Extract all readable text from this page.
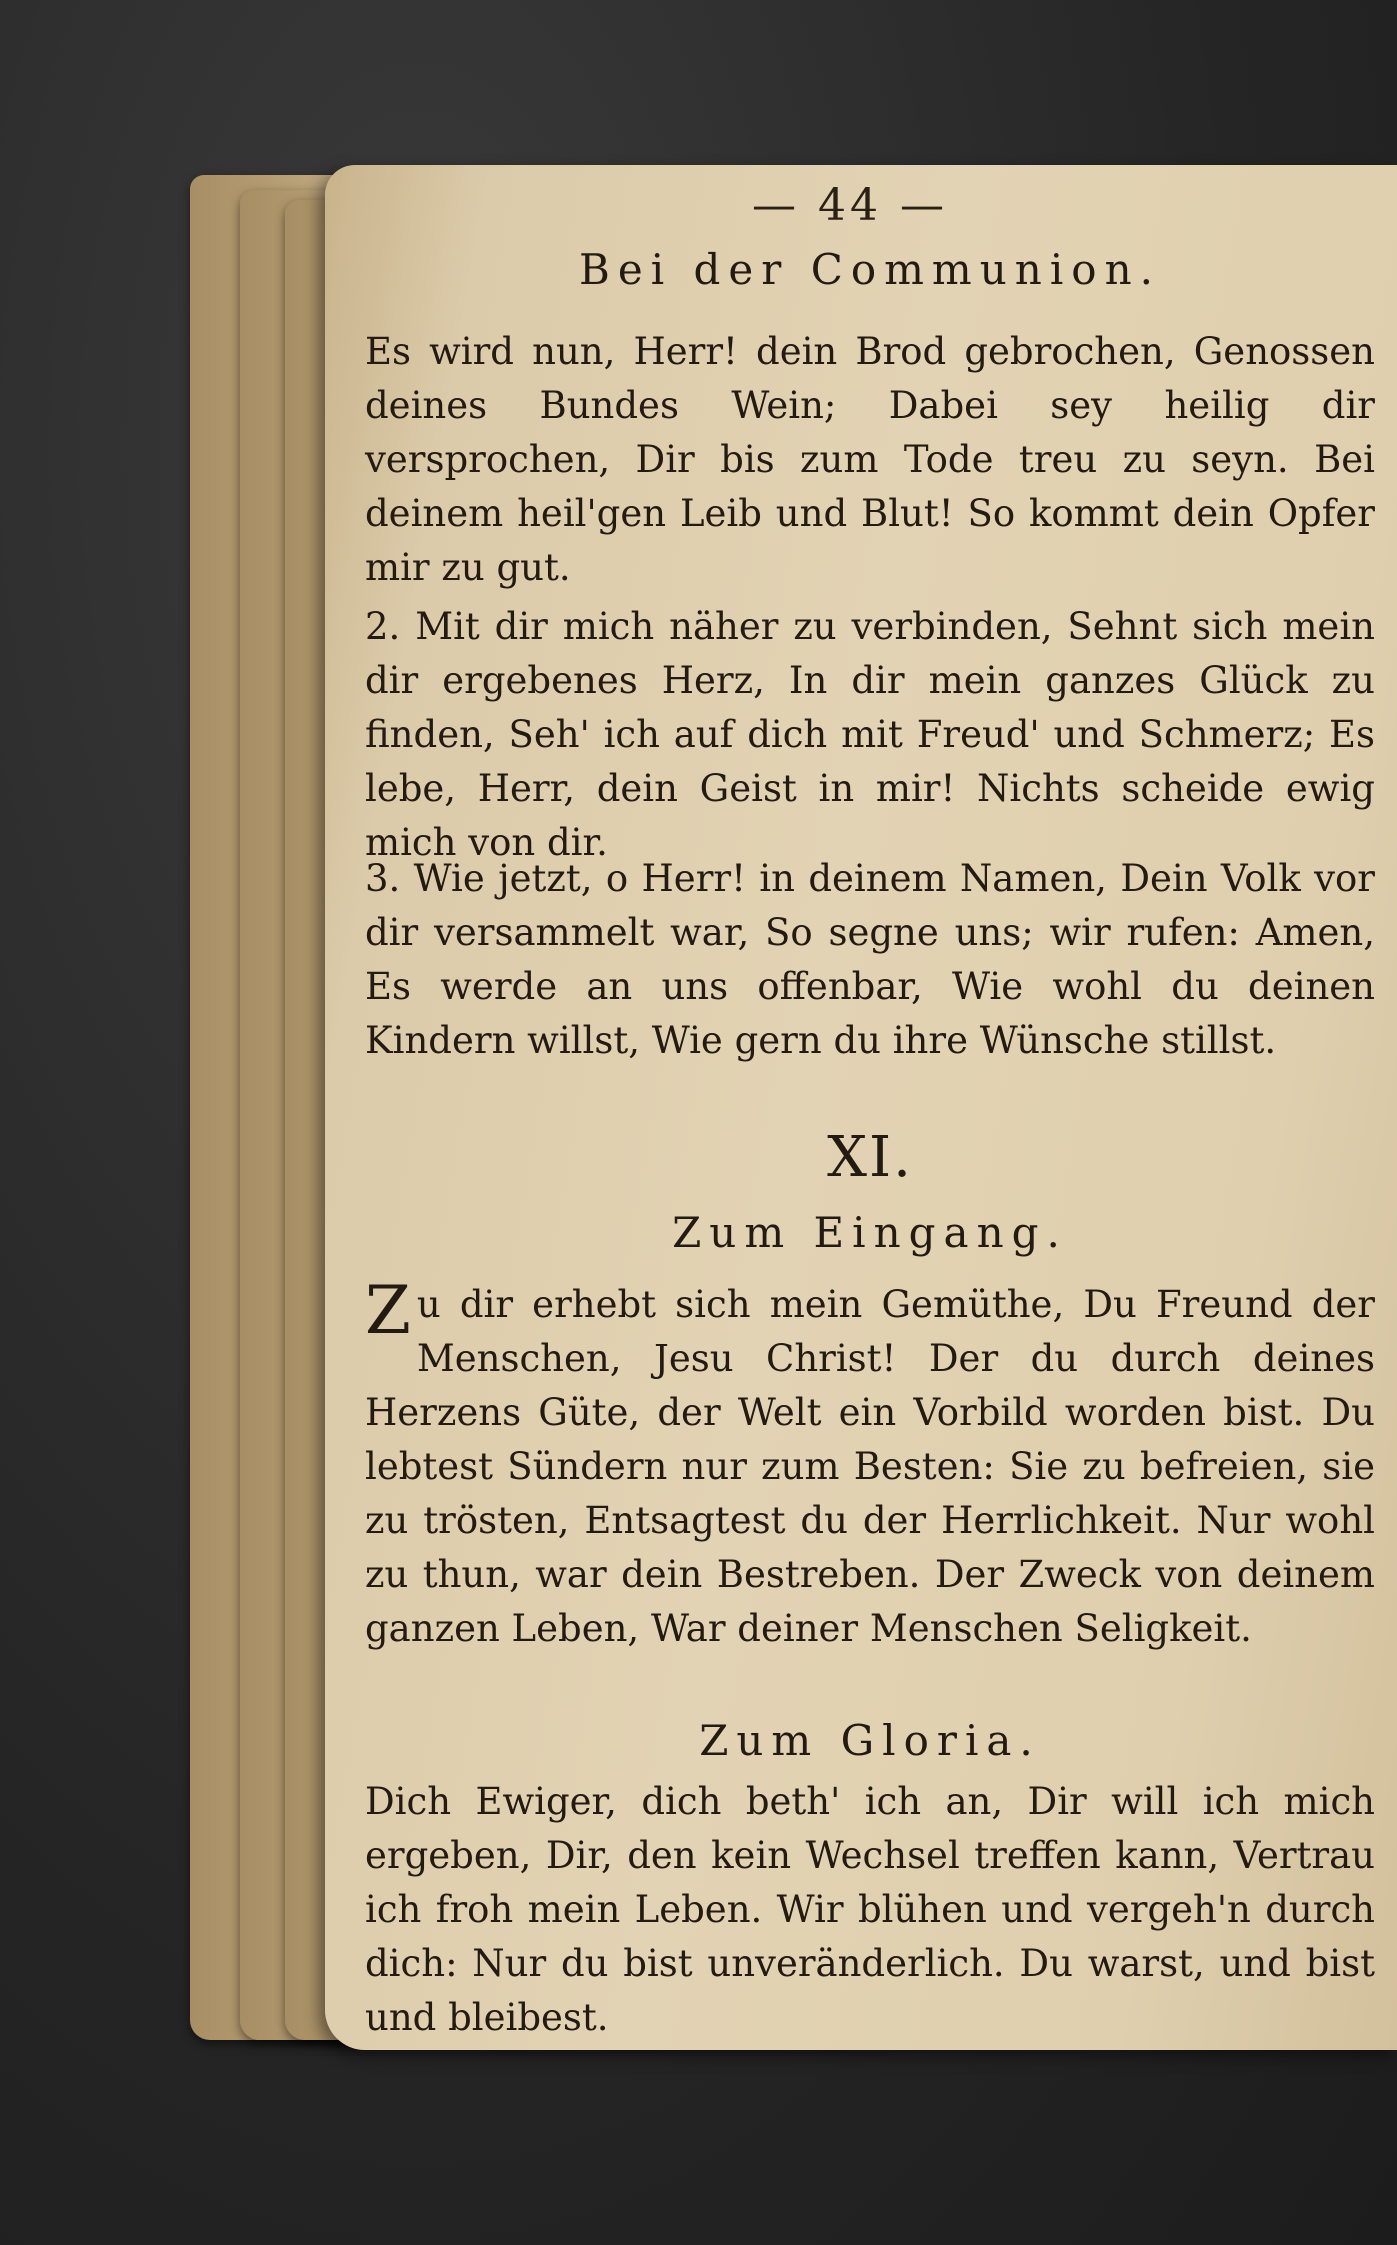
— 44 —
Bei der Communion.
Es wird nun, Herr! dein Brod gebrochen, Genossen deines Bundes Wein; Dabei sey heilig dir versprochen, Dir bis zum Tode treu zu seyn. Bei deinem heil'gen Leib und Blut! So kommt dein Opfer mir zu gut.
2. Mit dir mich näher zu verbinden, Sehnt sich mein dir ergebenes Herz, In dir mein ganzes Glück zu finden, Seh' ich auf dich mit Freud' und Schmerz; Es lebe, Herr, dein Geist in mir! Nichts scheide ewig mich von dir.
3. Wie jetzt, o Herr! in deinem Namen, Dein Volk vor dir versammelt war, So segne uns; wir rufen: Amen, Es werde an uns offenbar, Wie wohl du deinen Kindern willst, Wie gern du ihre Wünsche stillst.
XI.
Zum Eingang.
Zu dir erhebt sich mein Gemüthe, Du Freund der Menschen, Jesu Christ! Der du durch deines Herzens Güte, der Welt ein Vorbild worden bist. Du lebtest Sündern nur zum Besten: Sie zu befreien, sie zu trösten, Entsagtest du der Herrlichkeit. Nur wohl zu thun, war dein Bestreben. Der Zweck von deinem ganzen Leben, War deiner Menschen Seligkeit.
Zum Gloria.
Dich Ewiger, dich beth' ich an, Dir will ich mich ergeben, Dir, den kein Wechsel treffen kann, Vertrau ich froh mein Leben. Wir blühen und vergeh'n durch dich: Nur du bist unveränderlich. Du warst, und bist und bleibest.
